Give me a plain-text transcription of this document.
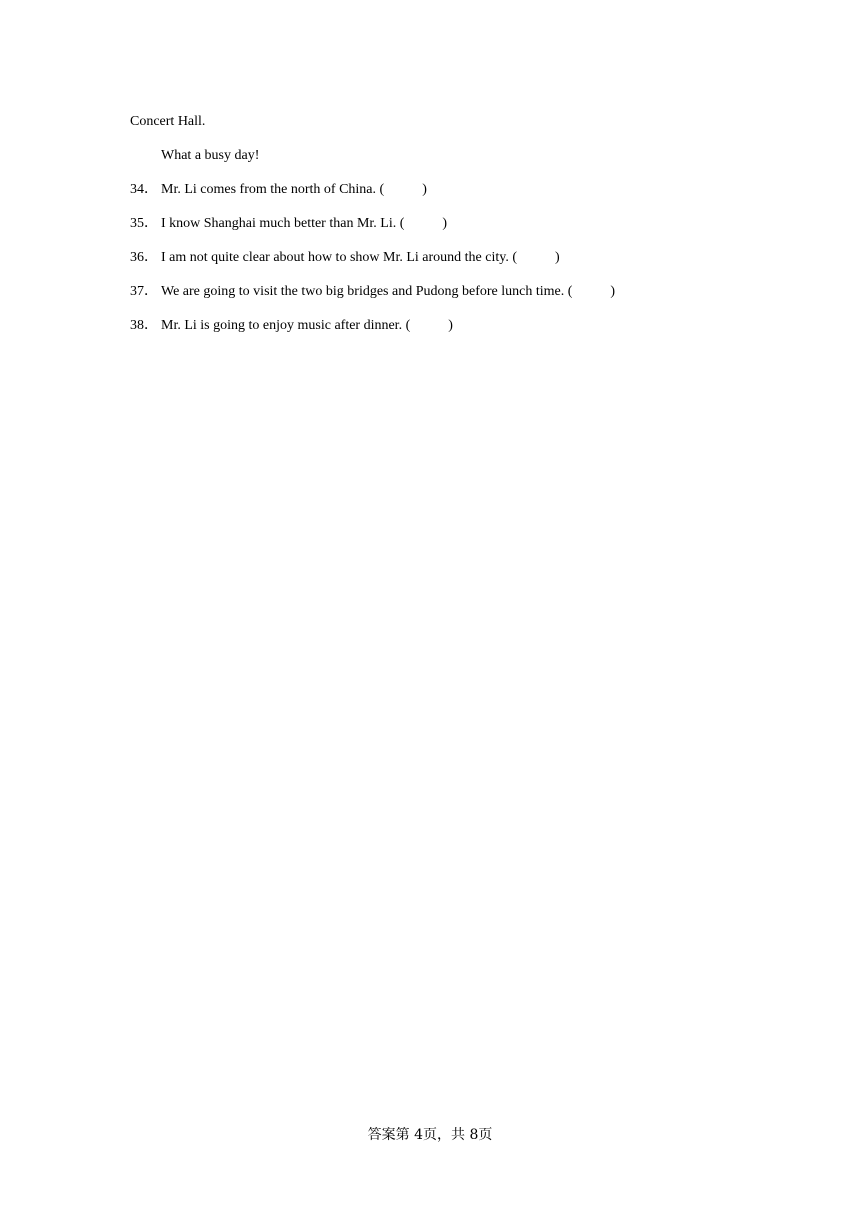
Concert Hall.
What a busy day!
34． Mr. Li comes from the north of China. (	)
35． I know Shanghai much better than Mr. Li. (	)
36． I am not quite clear about how to show Mr. Li around the city. (	)
37． We are going to visit the two big bridges and Pudong before lunch time. (	)
38． Mr. Li is going to enjoy music after dinner. (	)
答案第 4页，共 8页
